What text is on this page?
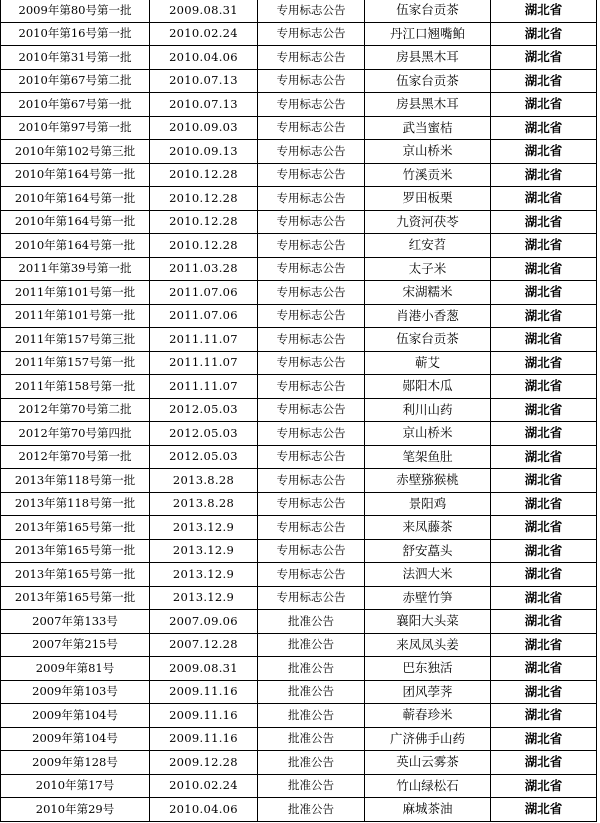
2009年第80号第一批	2009.08.31	专用标志公告	伍家台贡茶	湖北省
2010年第16号第一批	2010.02.24	专用标志公告	丹江口翘嘴鲌	湖北省
2010年第31号第一批	2010.04.06	专用标志公告	房县黑木耳	湖北省
2010年第67号第二批	2010.07.13	专用标志公告	伍家台贡茶	湖北省
2010年第67号第一批	2010.07.13	专用标志公告	房县黑木耳	湖北省
2010年第97号第一批	2010.09.03	专用标志公告	武当蜜桔	湖北省
2010年第102号第三批	2010.09.13	专用标志公告	京山桥米	湖北省
2010年第164号第一批	2010.12.28	专用标志公告	竹溪贡米	湖北省
2010年第164号第一批	2010.12.28	专用标志公告	罗田板栗	湖北省
2010年第164号第一批	2010.12.28	专用标志公告	九资河茯苓	湖北省
2010年第164号第一批	2010.12.28	专用标志公告	红安苕	湖北省
2011年第39号第一批	2011.03.28	专用标志公告	太子米	湖北省
2011年第101号第一批	2011.07.06	专用标志公告	宋湖糯米	湖北省
2011年第101号第一批	2011.07.06	专用标志公告	肖港小香葱	湖北省
2011年第157号第三批	2011.11.07	专用标志公告	伍家台贡茶	湖北省
2011年第157号第一批	2011.11.07	专用标志公告	蕲艾	湖北省
2011年第158号第一批	2011.11.07	专用标志公告	郧阳木瓜	湖北省
2012年第70号第二批	2012.05.03	专用标志公告	利川山药	湖北省
2012年第70号第四批	2012.05.03	专用标志公告	京山桥米	湖北省
2012年第70号第一批	2012.05.03	专用标志公告	笔架鱼肚	湖北省
2013年第118号第一批	2013.8.28	专用标志公告	赤壁猕猴桃	湖北省
2013年第118号第一批	2013.8.28	专用标志公告	景阳鸡	湖北省
2013年第165号第一批	2013.12.9	专用标志公告	来凤藤茶	湖北省
2013年第165号第一批	2013.12.9	专用标志公告	舒安藠头	湖北省
2013年第165号第一批	2013.12.9	专用标志公告	法泗大米	湖北省
2013年第165号第一批	2013.12.9	专用标志公告	赤壁竹笋	湖北省
2007年第133号	2007.09.06	批准公告	襄阳大头菜	湖北省
2007年第215号	2007.12.28	批准公告	来凤凤头姜	湖北省
2009年第81号	2009.08.31	批准公告	巴东独活	湖北省
2009年第103号	2009.11.16	批准公告	团风荸荠	湖北省
2009年第104号	2009.11.16	批准公告	蕲春珍米	湖北省
2009年第104号	2009.11.16	批准公告	广济佛手山药	湖北省
2009年第128号	2009.12.28	批准公告	英山云雾茶	湖北省
2010年第17号	2010.02.24	批准公告	竹山绿松石	湖北省
2010年第29号	2010.04.06	批准公告	麻城茶油	湖北省
